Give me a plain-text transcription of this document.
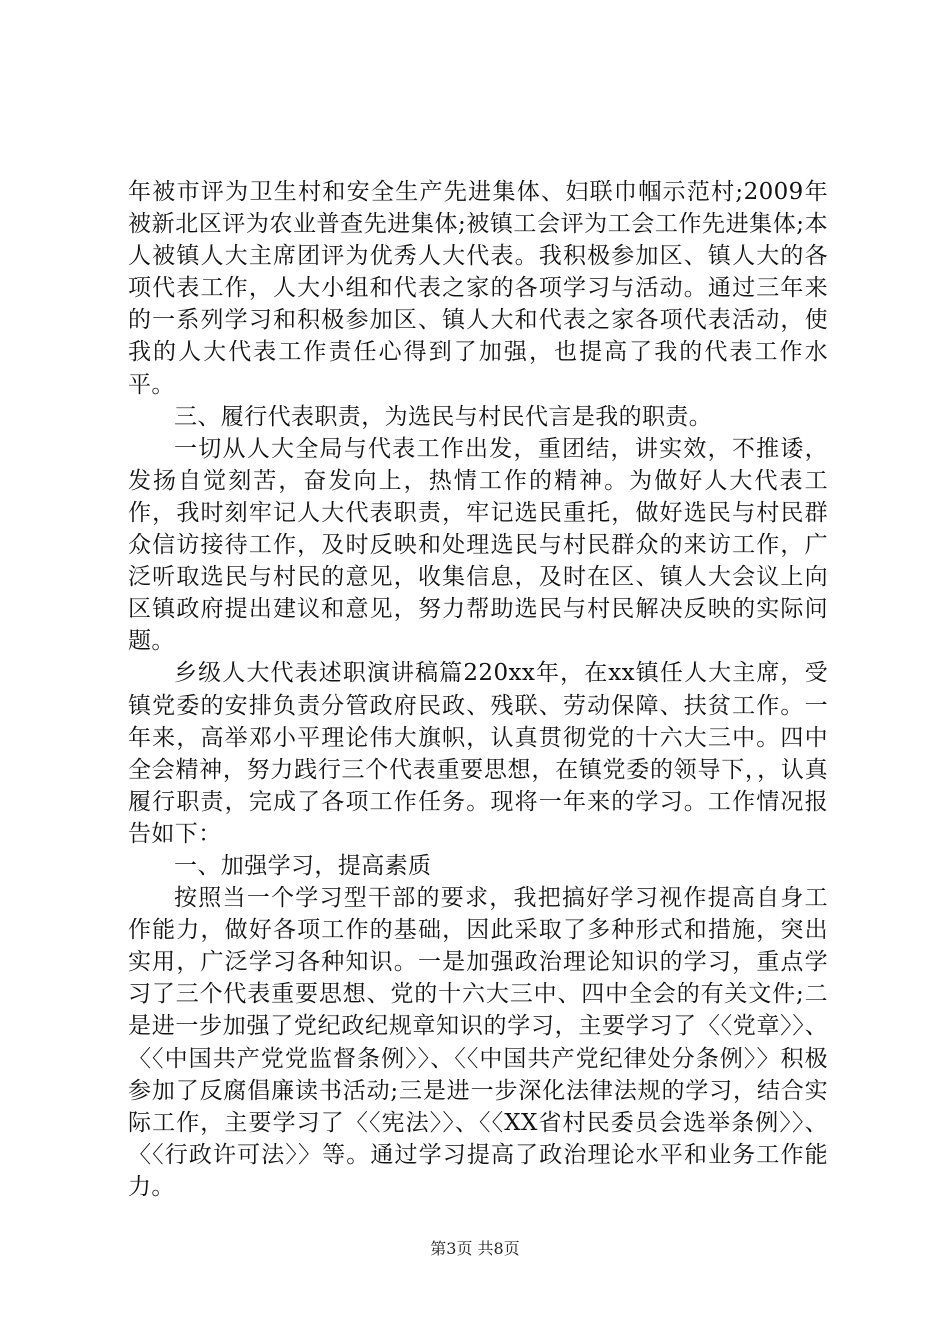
年被市评为卫生村和安全生产先进集体、妇联巾帼示范村;2009年被新北区评为农业普查先进集体;被镇工会评为工会工作先进集体;本人被镇人大主席团评为优秀人大代表。我积极参加区、镇人大的各项代表工作，人大小组和代表之家的各项学习与活动。通过三年来的一系列学习和积极参加区、镇人大和代表之家各项代表活动，使我的人大代表工作责任心得到了加强，也提高了我的代表工作水平。

三、履行代表职责，为选民与村民代言是我的职责。

一切从人大全局与代表工作出发，重团结，讲实效，不推诿，发扬自觉刻苦，奋发向上，热情工作的精神。为做好人大代表工作，我时刻牢记人大代表职责，牢记选民重托，做好选民与村民群众信访接待工作，及时反映和处理选民与村民群众的来访工作，广泛听取选民与村民的意见，收集信息，及时在区、镇人大会议上向区镇政府提出建议和意见，努力帮助选民与村民解决反映的实际问题。

乡级人大代表述职演讲稿篇220xx年，在xx镇任人大主席，受镇党委的安排负责分管政府民政、残联、劳动保障、扶贫工作。一年来，高举邓小平理论伟大旗帜，认真贯彻党的十六大三中。四中全会精神，努力践行三个代表重要思想，在镇党委的领导下，，认真履行职责，完成了各项工作任务。现将一年来的学习。工作情况报告如下：

一、加强学习，提高素质

按照当一个学习型干部的要求，我把搞好学习视作提高自身工作能力，做好各项工作的基础，因此采取了多种形式和措施，突出实用，广泛学习各种知识。一是加强政治理论知识的学习，重点学习了三个代表重要思想、党的十六大三中、四中全会的有关文件;二是进一步加强了党纪政纪规章知识的学习，主要学习了〈〈党章〉〉、〈〈中国共产党党监督条例〉〉、〈〈中国共产党纪律处分条例〉〉积极参加了反腐倡廉读书活动;三是进一步深化法律法规的学习，结合实际工作，主要学习了〈〈宪法〉〉、〈〈XX省村民委员会选举条例〉〉、〈〈行政许可法〉〉等。通过学习提高了政治理论水平和业务工作能力。

第3页 共8页
